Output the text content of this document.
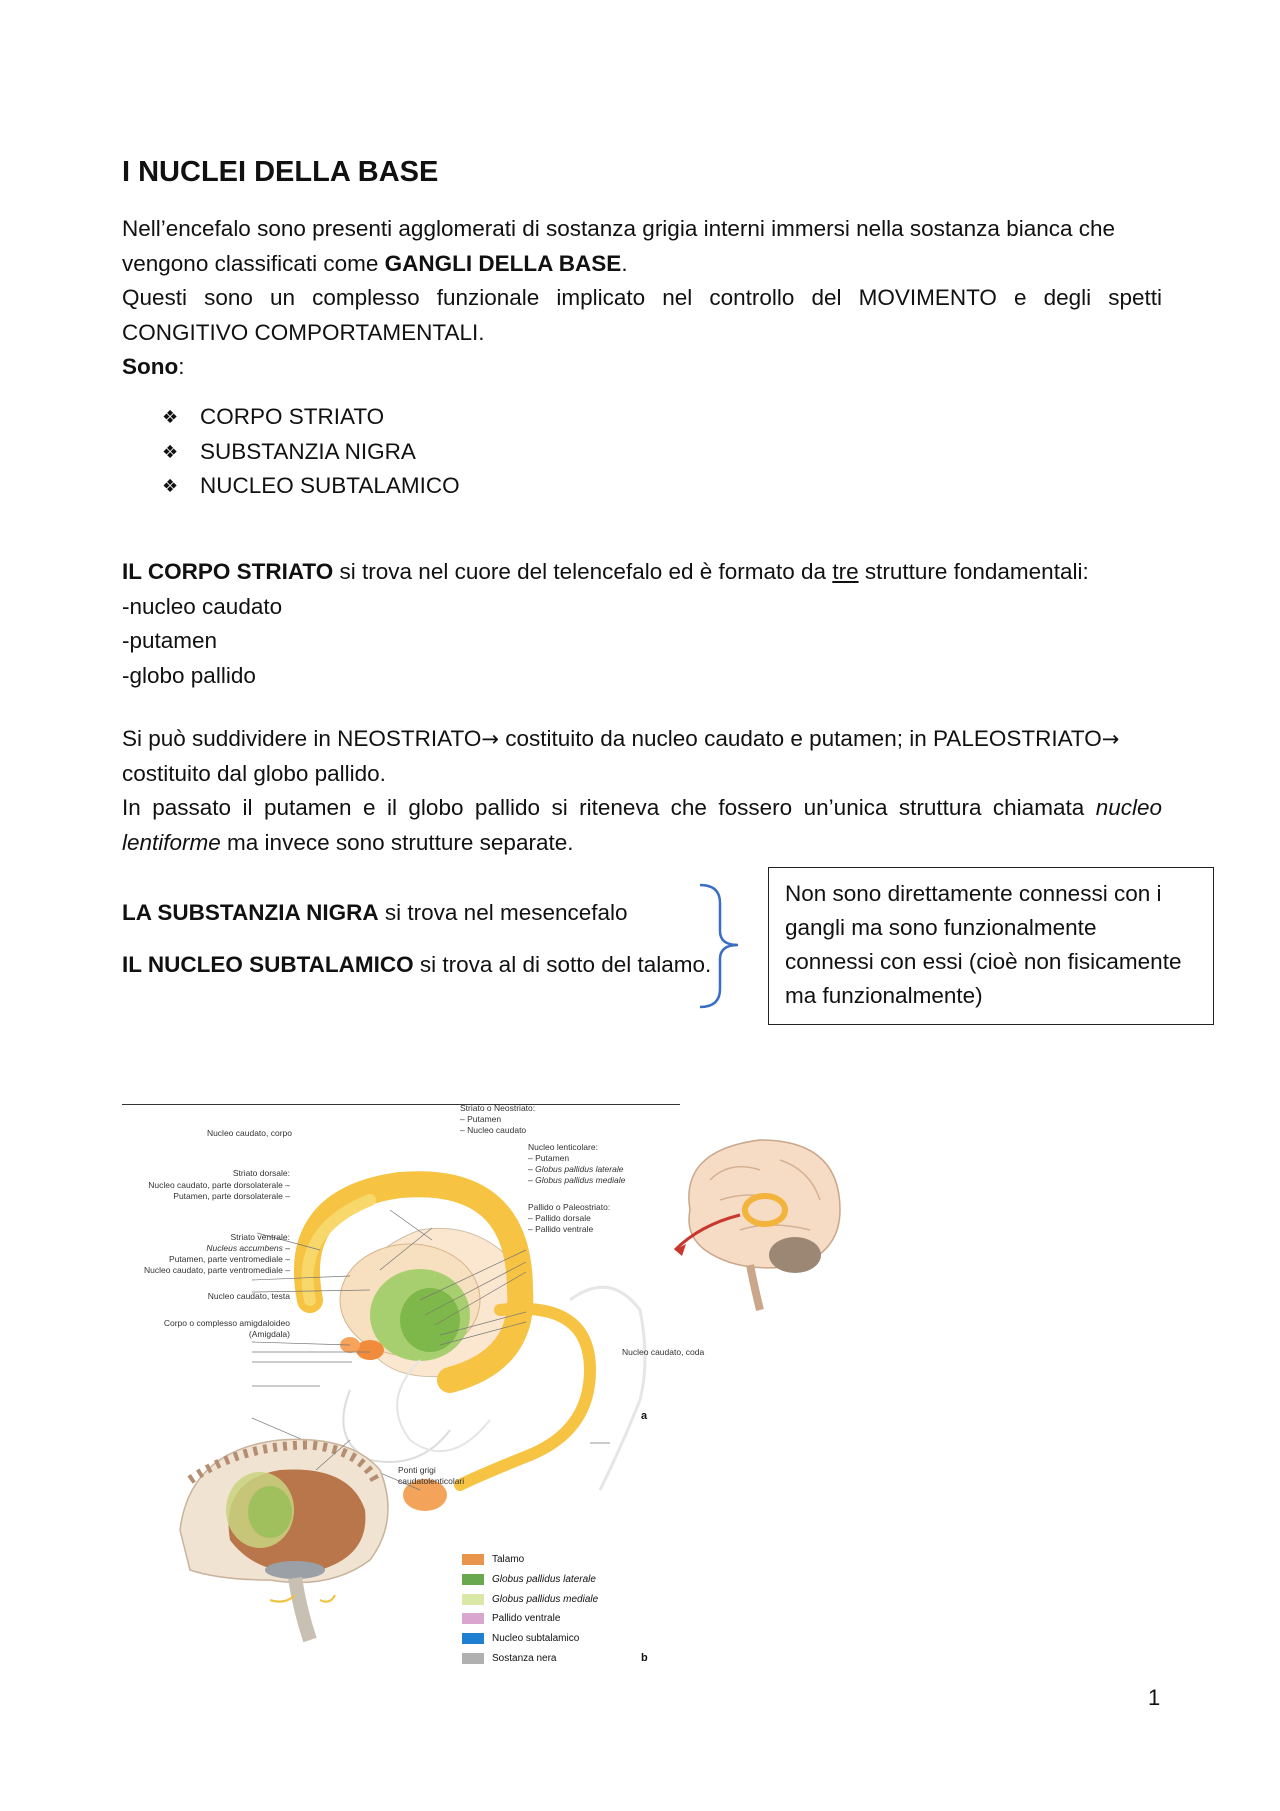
I NUCLEI DELLA BASE
Nell’encefalo sono presenti agglomerati di sostanza grigia interni immersi nella sostanza bianca che
vengono classificati come GANGLI DELLA BASE.
Questi sono un complesso funzionale implicato nel controllo del MOVIMENTO e degli spetti
CONGITIVO COMPORTAMENTALI.
Sono:
❖ CORPO STRIATO
❖ SUBSTANZIA NIGRA
❖ NUCLEO SUBTALAMICO
IL CORPO STRIATO si trova nel cuore del telencefalo ed è formato da tre strutture fondamentali:
-nucleo caudato
-putamen
-globo pallido
Si può suddividere in NEOSTRIATO→ costituito da nucleo caudato e putamen; in PALEOSTRIATO→
costituito dal globo pallido.
In passato il putamen e il globo pallido si riteneva che fossero un’unica struttura chiamata nucleo
lentiforme ma invece sono strutture separate.
LA SUBSTANZIA NIGRA si trova nel mesencefalo
IL NUCLEO SUBTALAMICO si trova al di sotto del talamo.
Non sono direttamente connessi con i
gangli ma sono funzionalmente
connessi con essi (cioè non fisicamente
ma funzionalmente)
Nucleo caudato, corpo
Striato dorsale:
Nucleo caudato, parte dorsolaterale –
Putamen, parte dorsolaterale –
Striato ventrale:
Nucleus accumbens –
Putamen, parte ventromediale –
Nucleo caudato, parte ventromediale –
Nucleo caudato, testa
Corpo o complesso amigdaloideo
(Amigdala)
Striato o Neostriato:
– Putamen
– Nucleo caudato
Nucleo lenticolare:
– Putamen
– Globus pallidus laterale
– Globus pallidus mediale
Pallido o Paleostriato:
– Pallido dorsale
– Pallido ventrale
Nucleo caudato, coda
Ponti grigi
caudatolenticolari
a
b
Talamo
Globus pallidus laterale
Globus pallidus mediale
Pallido ventrale
Nucleo subtalamico
Sostanza nera
1
